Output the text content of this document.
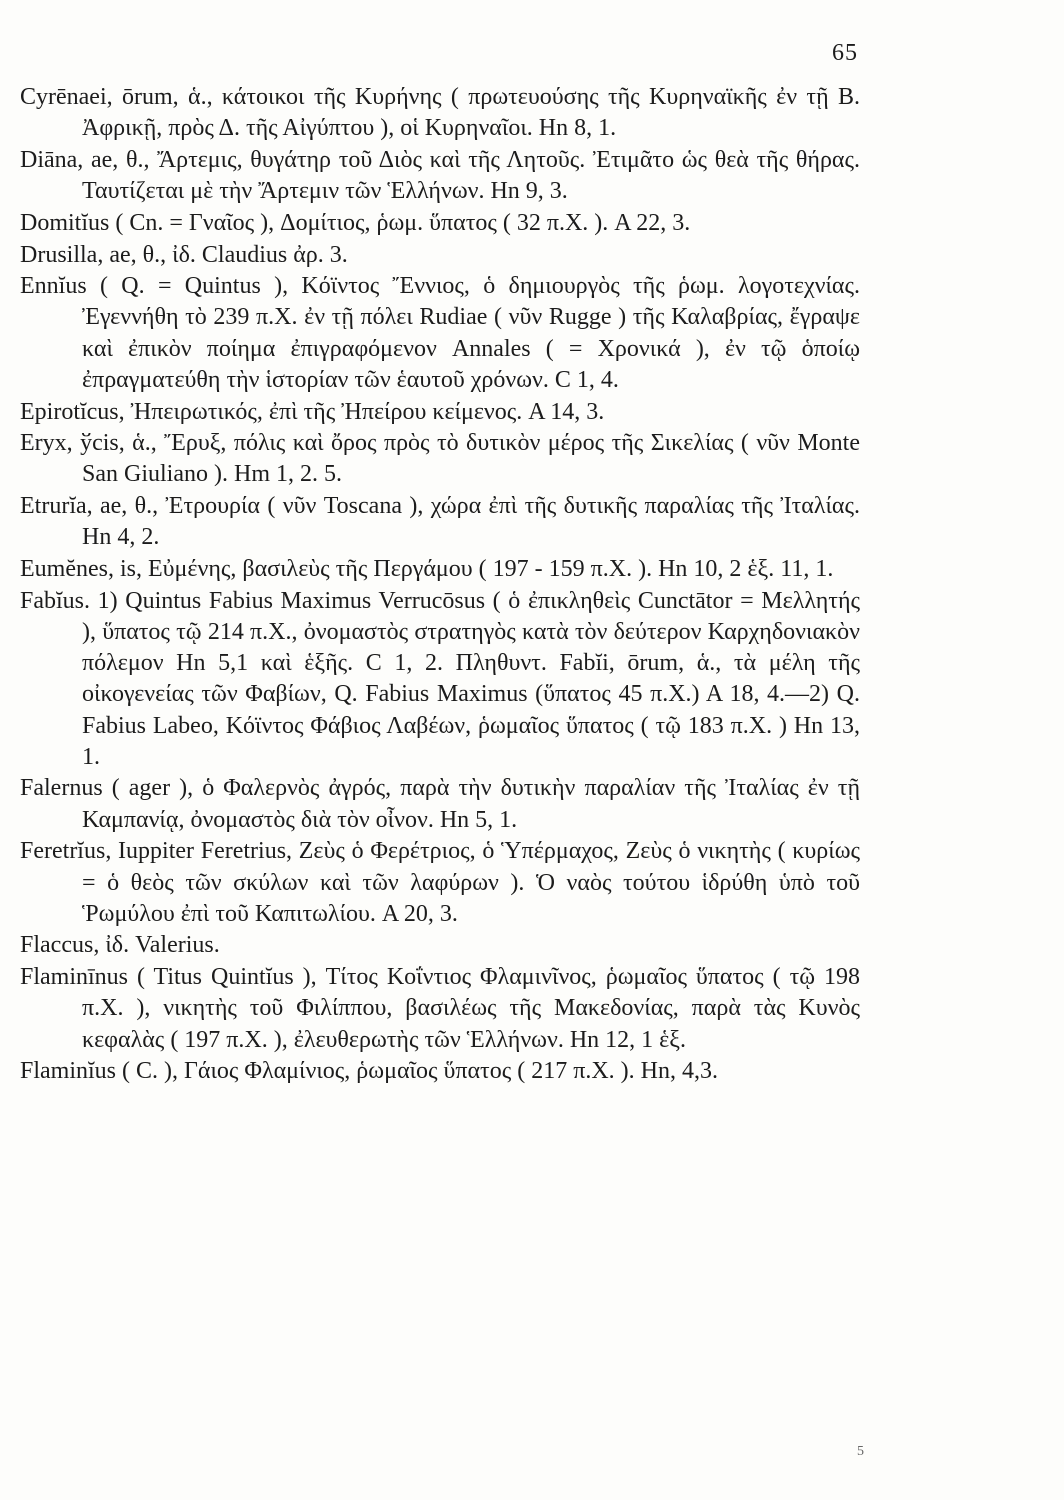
65

Cyrēnaei, ōrum, ἁ., κάτοικοι τῆς Κυρήνης ( πρωτευούσης τῆς Κυρηναϊκῆς ἐν τῇ Β. Ἀφρικῇ, πρὸς Δ. τῆς Αἰγύπτου ), οἱ Κυρηναῖοι. Hn 8, 1.

Diāna, ae, θ., Ἄρτεμις, θυγάτηρ τοῦ Διὸς καὶ τῆς Λητοῦς. Ἐτιμᾶτο ὡς θεὰ τῆς θήρας. Ταυτίζεται μὲ τὴν Ἄρτεμιν τῶν Ἑλλήνων. Hn 9, 3.

Domitĭus ( Cn. = Γναῖος ), Δομίτιος, ῥωμ. ὕπατος ( 32 π.Χ. ). A 22, 3.

Drusilla, ae, θ., ἰδ. Claudius ἀρ. 3.

Ennĭus ( Q. = Quintus ), Κόϊντος Ἔννιος, ὁ δημιουργὸς τῆς ῥωμ. λογοτεχνίας. Ἐγεννήθη τὸ 239 π.Χ. ἐν τῇ πόλει Rudiae ( νῦν Rugge ) τῆς Καλαβρίας, ἔγραψε καὶ ἐπικὸν ποίημα ἐπιγραφόμενον Annales ( = Χρονικά ), ἐν τῷ ὁποίῳ ἐπραγματεύθη τὴν ἱστορίαν τῶν ἑαυτοῦ χρόνων. C 1, 4.

Epirotĭcus, Ἠπειρωτικός, ἐπὶ τῆς Ἠπείρου κείμενος. A 14, 3.

Eryx, ўcis, ἁ., Ἔρυξ, πόλις καὶ ὄρος πρὸς τὸ δυτικὸν μέρος τῆς Σικελίας ( νῦν Monte San Giuliano ). Hm 1, 2. 5.

Etrurĭa, ae, θ., Ἐτρουρία ( νῦν Toscana ), χώρα ἐπὶ τῆς δυτικῆς παραλίας τῆς Ἰταλίας. Hn 4, 2.

Eumĕnes, is, Εὐμένης, βασιλεὺς τῆς Περγάμου ( 197 - 159 π.Χ. ). Hn 10, 2 ἑξ. 11, 1.

Fabĭus. 1) Quintus Fabius Maximus Verrucōsus ( ὁ ἐπικληθεὶς Cunctātor = Μελλητής ), ὕπατος τῷ 214 π.Χ., ὀνομαστὸς στρατηγὸς κατὰ τὸν δεύτερον Καρχηδονιακὸν πόλεμον Hn 5,1 καὶ ἑξῆς. C 1, 2. Πληθυντ. Fabĭi, ōrum, ἁ., τὰ μέλη τῆς οἰκογενείας τῶν Φαβίων, Q. Fabius Maximus (ὕπατος 45 π.Χ.) A 18, 4.—2) Q. Fabius Labeo, Κόϊντος Φάβιος Λαβέων, ῥωμαῖος ὕπατος ( τῷ 183 π.Χ. ) Hn 13, 1.

Falernus ( ager ), ὁ Φαλερνὸς ἀγρός, παρὰ τὴν δυτικὴν παραλίαν τῆς Ἰταλίας ἐν τῇ Καμπανίᾳ, ὀνομαστὸς διὰ τὸν οἶνον. Hn 5, 1.

Feretrĭus, Iuppiter Feretrius, Ζεὺς ὁ Φερέτριος, ὁ Ὑπέρμαχος, Ζεὺς ὁ νικητὴς ( κυρίως = ὁ θεὸς τῶν σκύλων καὶ τῶν λαφύρων ). Ὁ ναὸς τούτου ἱδρύθη ὑπὸ τοῦ Ῥωμύλου ἐπὶ τοῦ Καπιτωλίου. A 20, 3.

Flaccus, ἰδ. Valerius.

Flaminīnus ( Titus Quintĭus ), Τίτος Κοΐντιος Φλαμινῖνος, ῥωμαῖος ὕπατος ( τῷ 198 π.Χ. ), νικητὴς τοῦ Φιλίππου, βασιλέως τῆς Μακεδονίας, παρὰ τὰς Κυνὸς κεφαλὰς ( 197 π.Χ. ), ἐλευθερωτὴς τῶν Ἑλλήνων. Hn 12, 1 ἑξ.

Flaminĭus ( C. ), Γάιος Φλαμίνιος, ῥωμαῖος ὕπατος ( 217 π.Χ. ). Hn, 4,3.

5
